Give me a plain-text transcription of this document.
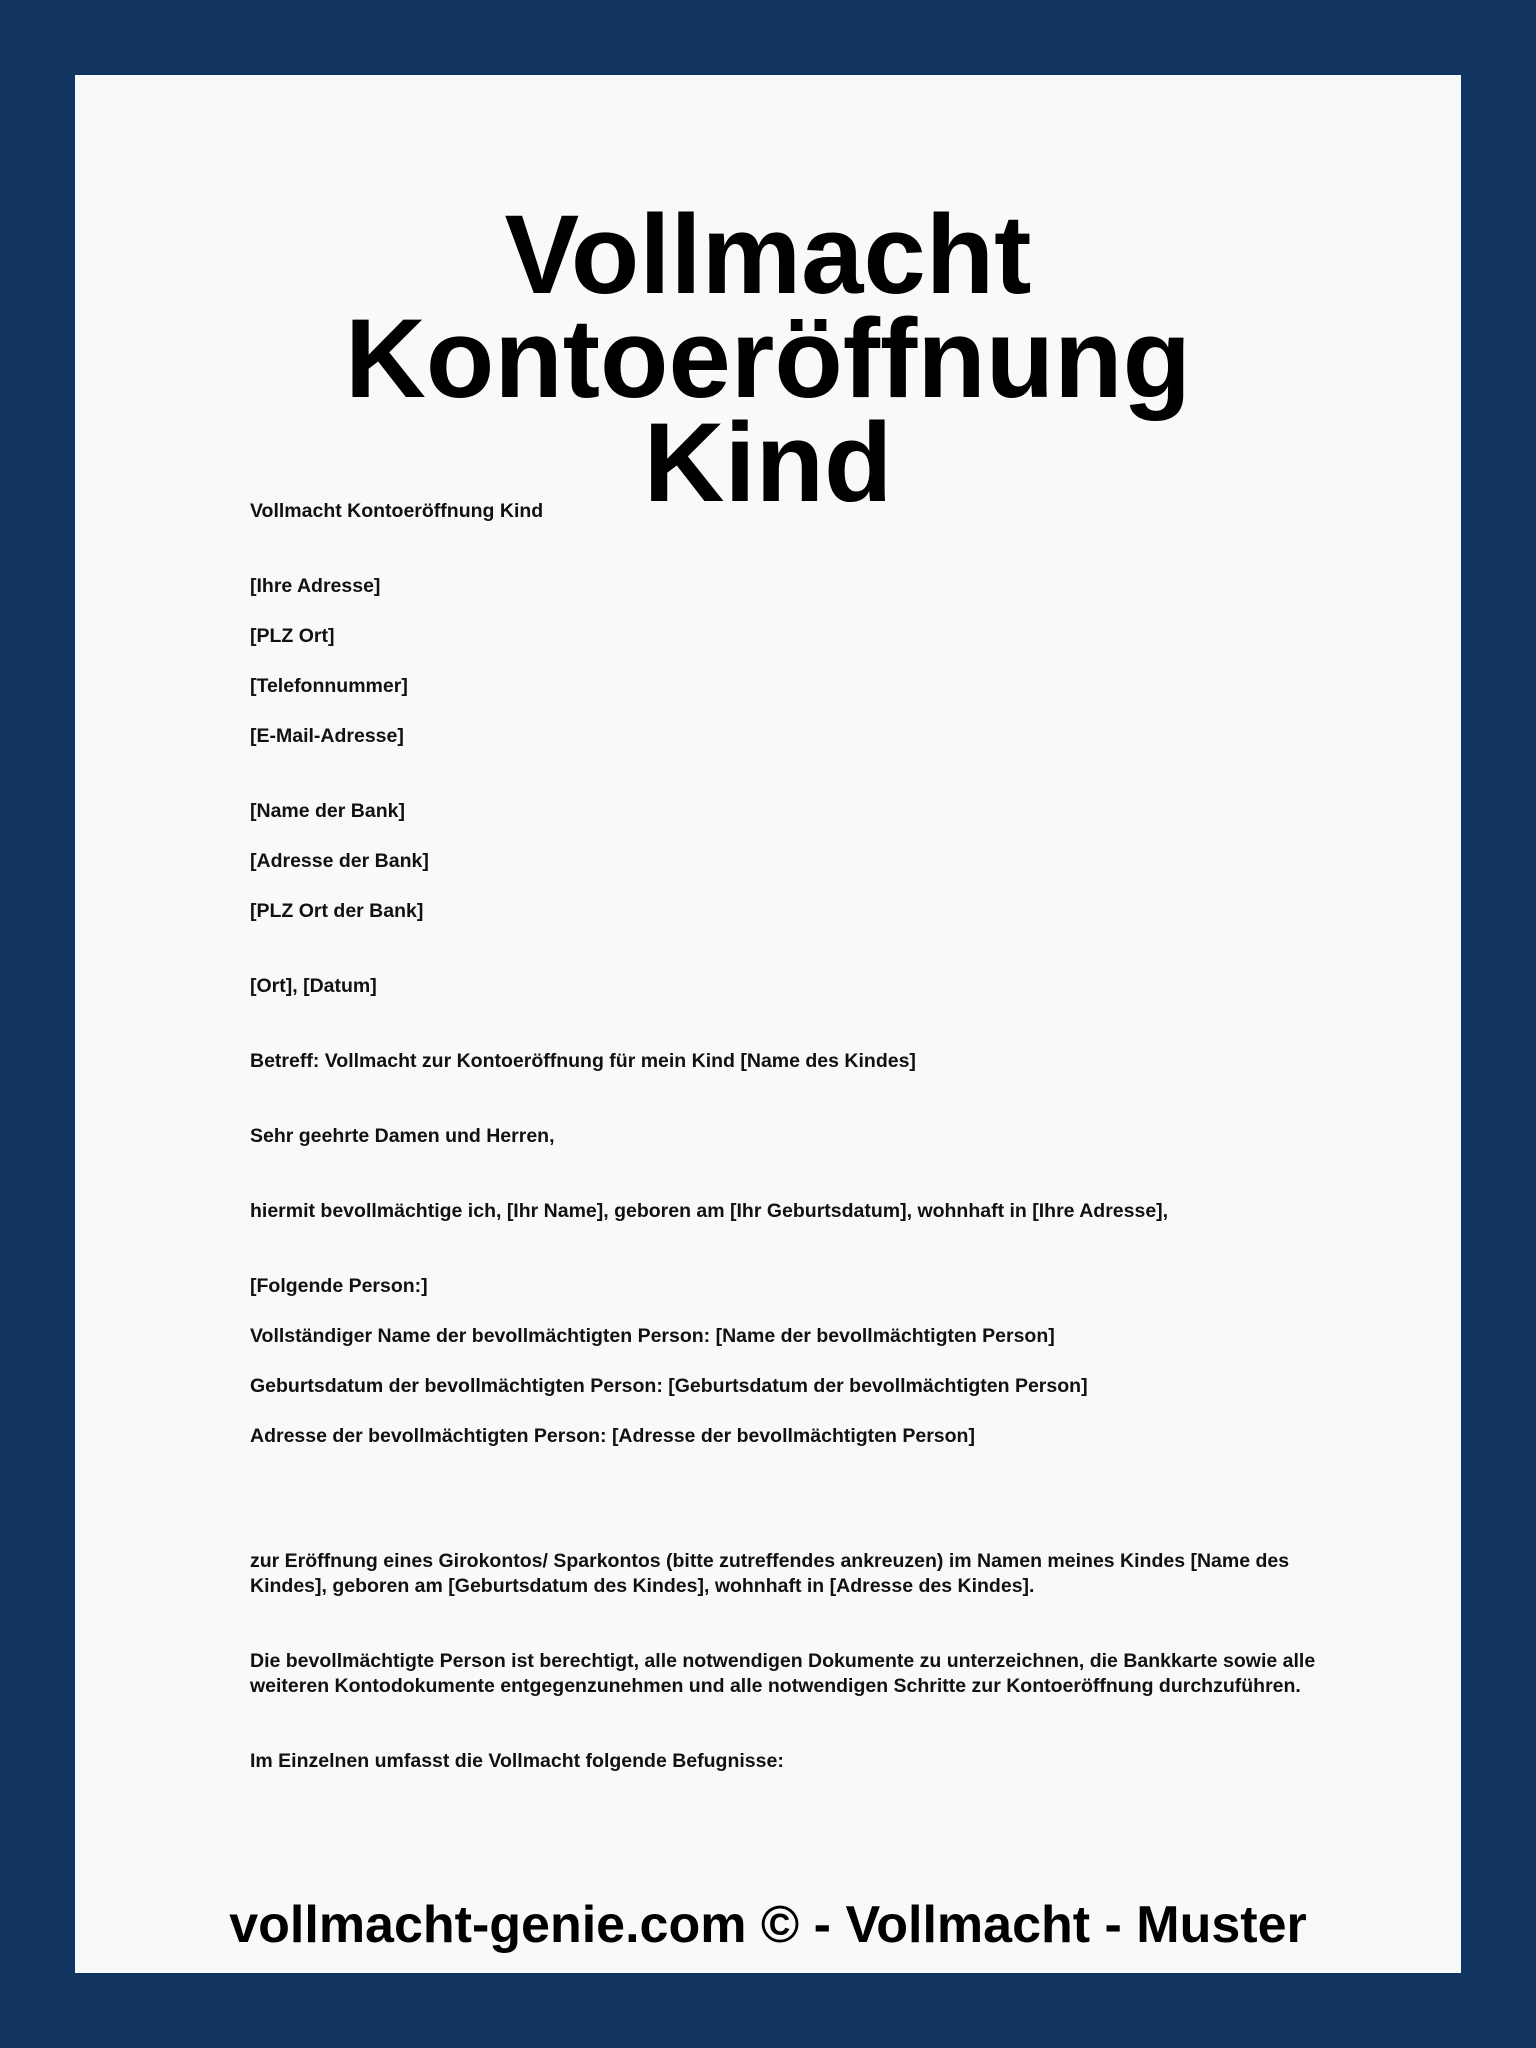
Vollmacht Kontoeröffnung
Kind

Vollmacht Kontoeröffnung Kind

[Ihre Adresse]

[PLZ Ort]

[Telefonnummer]

[E-Mail-Adresse]

[Name der Bank]

[Adresse der Bank]

[PLZ Ort der Bank]

[Ort], [Datum]

Betreff: Vollmacht zur Kontoeröffnung für mein Kind [Name des Kindes]

Sehr geehrte Damen und Herren,

hiermit bevollmächtige ich, [Ihr Name], geboren am [Ihr Geburtsdatum], wohnhaft in [Ihre Adresse],

[Folgende Person:]

Vollständiger Name der bevollmächtigten Person: [Name der bevollmächtigten Person]

Geburtsdatum der bevollmächtigten Person: [Geburtsdatum der bevollmächtigten Person]

Adresse der bevollmächtigten Person: [Adresse der bevollmächtigten Person]

zur Eröffnung eines Girokontos/ Sparkontos (bitte zutreffendes ankreuzen) im Namen meines Kindes [Name des Kindes], geboren am [Geburtsdatum des Kindes], wohnhaft in [Adresse des Kindes].

Die bevollmächtigte Person ist berechtigt, alle notwendigen Dokumente zu unterzeichnen, die Bankkarte sowie alle weiteren Kontodokumente entgegenzunehmen und alle notwendigen Schritte zur Kontoeröffnung durchzuführen.

Im Einzelnen umfasst die Vollmacht folgende Befugnisse:

vollmacht-genie.com © - Vollmacht - Muster
